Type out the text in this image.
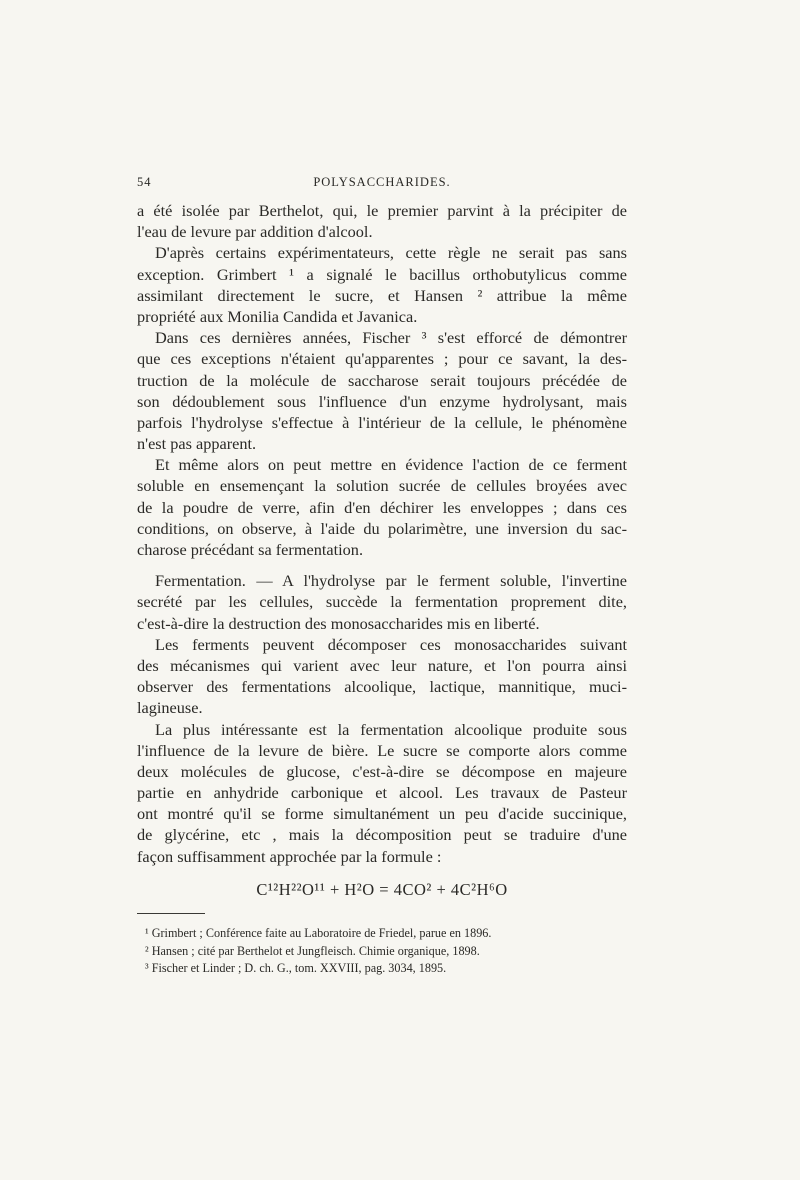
54	POLYSACCHARIDES.
a été isolée par Berthelot, qui, le premier parvint à la précipiter de
l'eau de levure par addition d'alcool.
D'après certains expérimentateurs, cette règle ne serait pas sans
exception. Grimbert ¹ a signalé le bacillus orthobutylicus comme
assimilant directement le sucre, et Hansen ² attribue la même
propriété aux Monilia Candida et Javanica.
Dans ces dernières années, Fischer ³ s'est efforcé de démontrer
que ces exceptions n'étaient qu'apparentes ; pour ce savant, la des-
truction de la molécule de saccharose serait toujours précédée de
son dédoublement sous l'influence d'un enzyme hydrolysant, mais
parfois l'hydrolyse s'effectue à l'intérieur de la cellule, le phénomène
n'est pas apparent.
Et même alors on peut mettre en évidence l'action de ce ferment
soluble en ensemençant la solution sucrée de cellules broyées avec
de la poudre de verre, afin d'en déchirer les enveloppes ; dans ces
conditions, on observe, à l'aide du polarimètre, une inversion du sac-
charose précédant sa fermentation.
Fermentation. — A l'hydrolyse par le ferment soluble, l'invertine
secrété par les cellules, succède la fermentation proprement dite,
c'est-à-dire la destruction des monosaccharides mis en liberté.
Les ferments peuvent décomposer ces monosaccharides suivant
des mécanismes qui varient avec leur nature, et l'on pourra ainsi
observer des fermentations alcoolique, lactique, mannitique, muci-
lagineuse.
La plus intéressante est la fermentation alcoolique produite sous
l'influence de la levure de bière. Le sucre se comporte alors comme
deux molécules de glucose, c'est-à-dire se décompose en majeure
partie en anhydride carbonique et alcool. Les travaux de Pasteur
ont montré qu'il se forme simultanément un peu d'acide succinique,
de glycérine, etc , mais la décomposition peut se traduire d'une
façon suffisamment approchée par la formule :
C¹²H²²O¹¹ + H²O = 4CO² + 4C²H⁶O
¹ Grimbert ; Conférence faite au Laboratoire de Friedel, parue en 1896.
² Hansen ; cité par Berthelot et Jungfleisch. Chimie organique, 1898.
³ Fischer et Linder ; D. ch. G., tom. XXVIII, pag. 3034, 1895.
